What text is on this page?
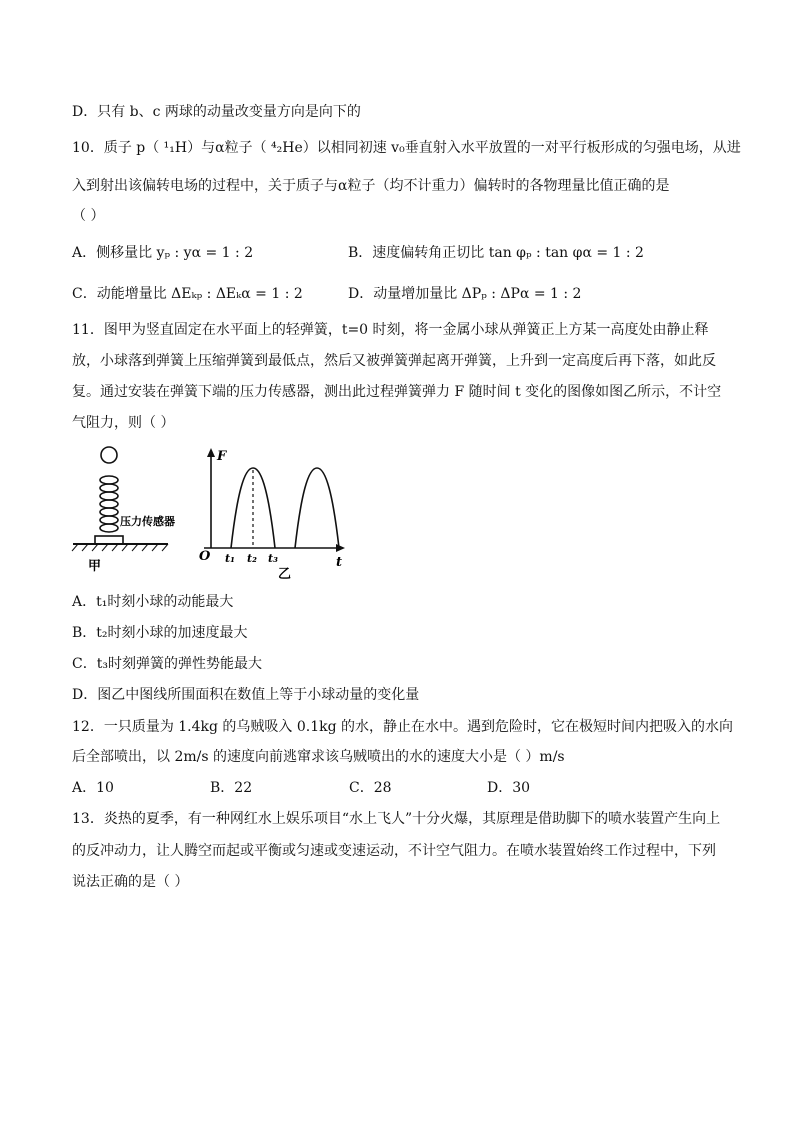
D．只有 b、c 两球的动量改变量方向是向下的
10．质子 p（ ¹₁H）与α粒子（ ⁴₂He）以相同初速 v₀垂直射入水平放置的一对平行板形成的匀强电场，从进
入到射出该偏转电场的过程中，关于质子与α粒子（均不计重力）偏转时的各物理量比值正确的是
（ ）
A．侧移量比 yₚ : yα = 1 : 2	B．速度偏转角正切比 tan φₚ : tan φα = 1 : 2
C．动能增量比 ΔEₖₚ : ΔEₖα = 1 : 2	D．动量增加量比 ΔPₚ : ΔPα = 1 : 2
11．图甲为竖直固定在水平面上的轻弹簧，t=0 时刻，将一金属小球从弹簧正上方某一高度处由静止释
放，小球落到弹簧上压缩弹簧到最低点，然后又被弹簧弹起离开弹簧，上升到一定高度后再下落，如此反
复。通过安装在弹簧下端的压力传感器，测出此过程弹簧弹力 F 随时间 t 变化的图像如图乙所示，不计空
气阻力，则（ ）
压力传感器
甲
F
t
O t₁ t₂ t₃
乙
A．t₁时刻小球的动能最大
B．t₂时刻小球的加速度最大
C．t₃时刻弹簧的弹性势能最大
D．图乙中图线所围面积在数值上等于小球动量的变化量
12．一只质量为 1.4kg 的乌贼吸入 0.1kg 的水，静止在水中。遇到危险时，它在极短时间内把吸入的水向
后全部喷出，以 2m/s 的速度向前逃窜求该乌贼喷出的水的速度大小是（ ）m/s
A．10	B．22	C．28	D．30
13．炎热的夏季，有一种网红水上娱乐项目“水上飞人”十分火爆，其原理是借助脚下的喷水装置产生向上
的反冲动力，让人腾空而起或平衡或匀速或变速运动，不计空气阻力。在喷水装置始终工作过程中，下列
说法正确的是（ ）
